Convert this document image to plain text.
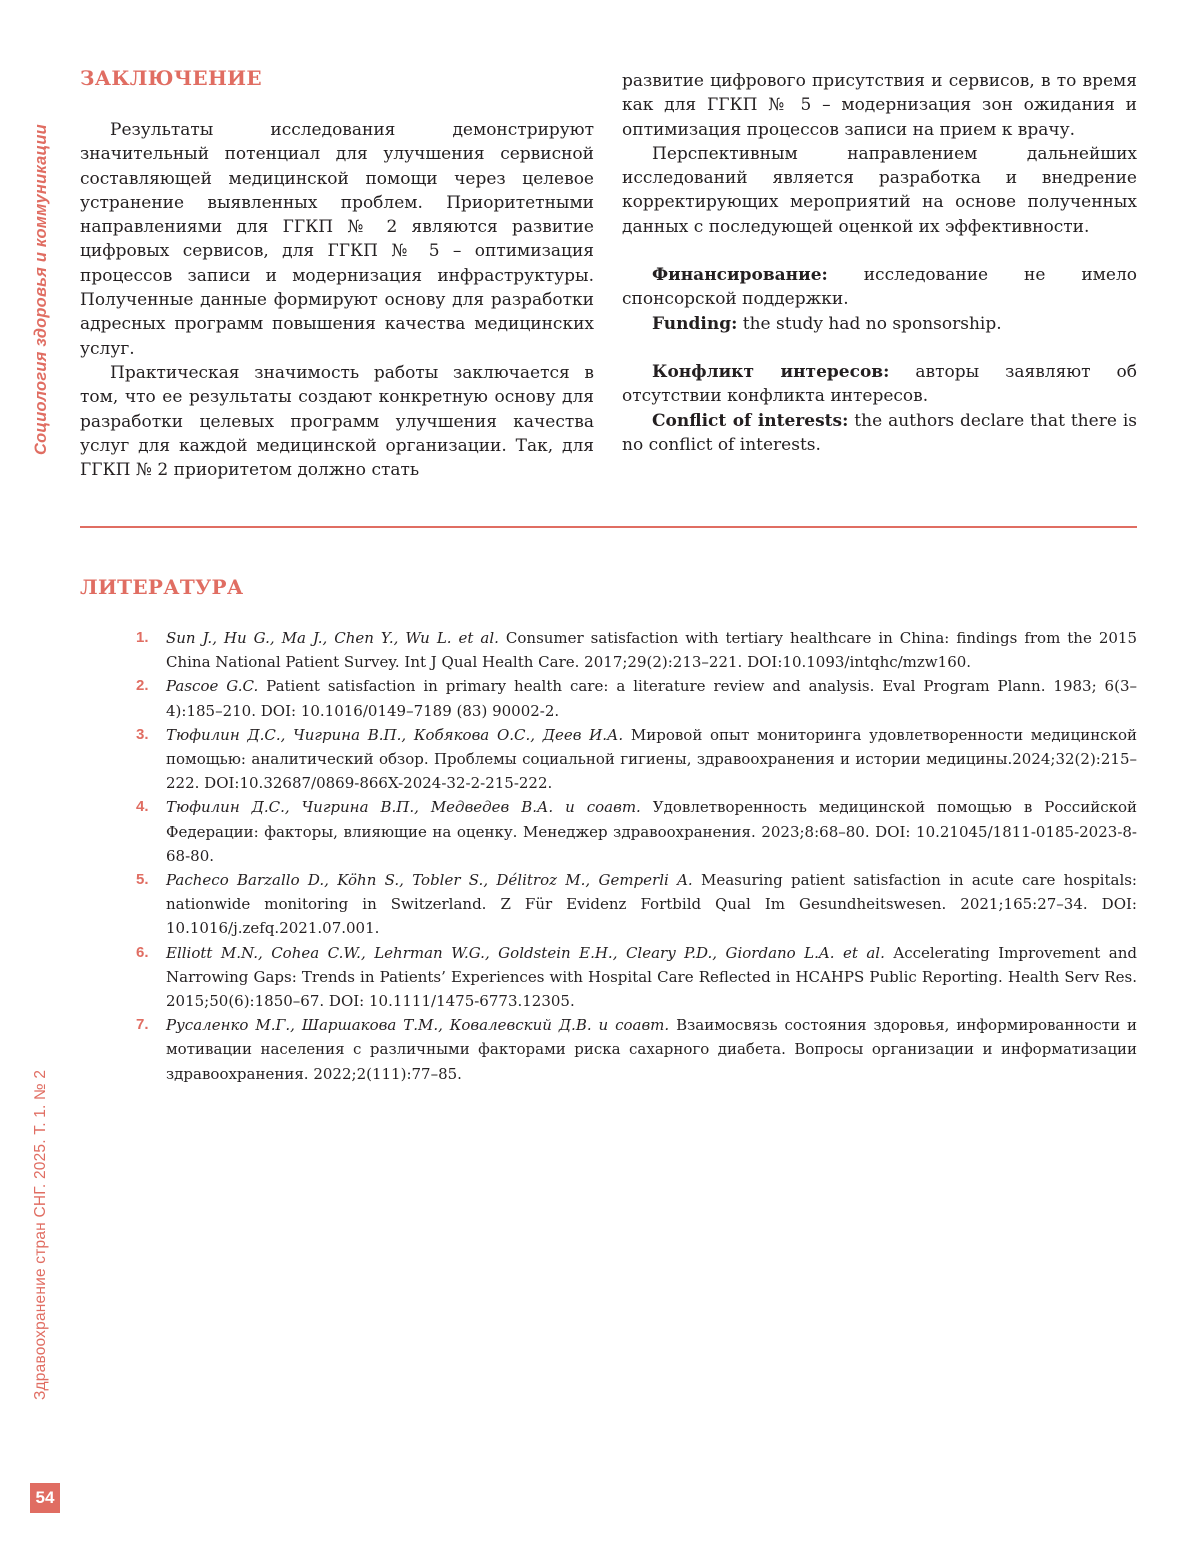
Социология здоровья и коммуникации
Здравоохранение стран СНГ. 2025. Т. 1. № 2
54
ЗАКЛЮЧЕНИЕ

Результаты исследования демонстрируют значительный потенциал для улучшения сервисной составляющей медицинской помощи через целевое устранение выявленных проблем. Приоритетными направлениями для ГГКП № 2 являются развитие цифровых сервисов, для ГГКП № 5 – оптимизация процессов записи и модернизация инфраструктуры. Полученные данные формируют основу для разработки адресных программ повышения качества медицинских услуг.

Практическая значимость работы заключается в том, что ее результаты создают конкретную основу для разработки целевых программ улучшения качества услуг для каждой медицинской организации. Так, для ГГКП № 2 приоритетом должно стать

развитие цифрового присутствия и сервисов, в то время как для ГГКП № 5 – модернизация зон ожидания и оптимизация процессов записи на прием к врачу.

Перспективным направлением дальнейших исследований является разработка и внедрение корректирующих мероприятий на основе полученных данных с последующей оценкой их эффективности.

Финансирование: исследование не имело спонсорской поддержки.

Funding: the study had no sponsorship.

Конфликт интересов: авторы заявляют об отсутствии конфликта интересов.

Conflict of interests: the authors declare that there is no conflict of interests.

ЛИТЕРАТУРА
1. Sun J., Hu G., Ma J., Chen Y., Wu L. et al. Consumer satisfaction with tertiary healthcare in China: findings from the 2015 China National Patient Survey. Int J Qual Health Care. 2017;29(2):213–221. DOI:10.1093/intqhc/mzw160.
2. Pascoe G.C. Patient satisfaction in primary health care: a literature review and analysis. Eval Program Plann. 1983; 6(3–4):185–210. DOI: 10.1016/0149–7189 (83) 90002-2.
3. Тюфилин Д.С., Чигрина В.П., Кобякова О.С., Деев И.А. Мировой опыт мониторинга удовлетворенности медицинской помощью: аналитический обзор. Проблемы социальной гигиены, здравоохранения и истории медицины.2024;32(2):215–222. DOI:10.32687/0869-866X-2024-32-2-215-222.
4. Тюфилин Д.С., Чигрина В.П., Медведев В.А. и соавт. Удовлетворенность медицинской помощью в Российской Федерации: факторы, влияющие на оценку. Менеджер здравоохранения. 2023;8:68–80. DOI: 10.21045/1811-0185-2023-8-68-80.
5. Pacheco Barzallo D., Köhn S., Tobler S., Délitroz M., Gemperli A. Measuring patient satisfaction in acute care hospitals: nationwide monitoring in Switzerland. Z Für Evidenz Fortbild Qual Im Gesundheitswesen. 2021;165:27–34. DOI: 10.1016/j.zefq.2021.07.001.
6. Elliott M.N., Cohea C.W., Lehrman W.G., Goldstein E.H., Cleary P.D., Giordano L.A. et al. Accelerating Improvement and Narrowing Gaps: Trends in Patients’ Experiences with Hospital Care Reflected in HCAHPS Public Reporting. Health Serv Res. 2015;50(6):1850–67. DOI: 10.1111/1475-6773.12305.
7. Русаленко М.Г., Шаршакова Т.М., Ковалевский Д.В. и соавт. Взаимосвязь состояния здоровья, информированности и мотивации населения с различными факторами риска сахарного диабета. Вопросы организации и информатизации здравоохранения. 2022;2(111):77–85.
